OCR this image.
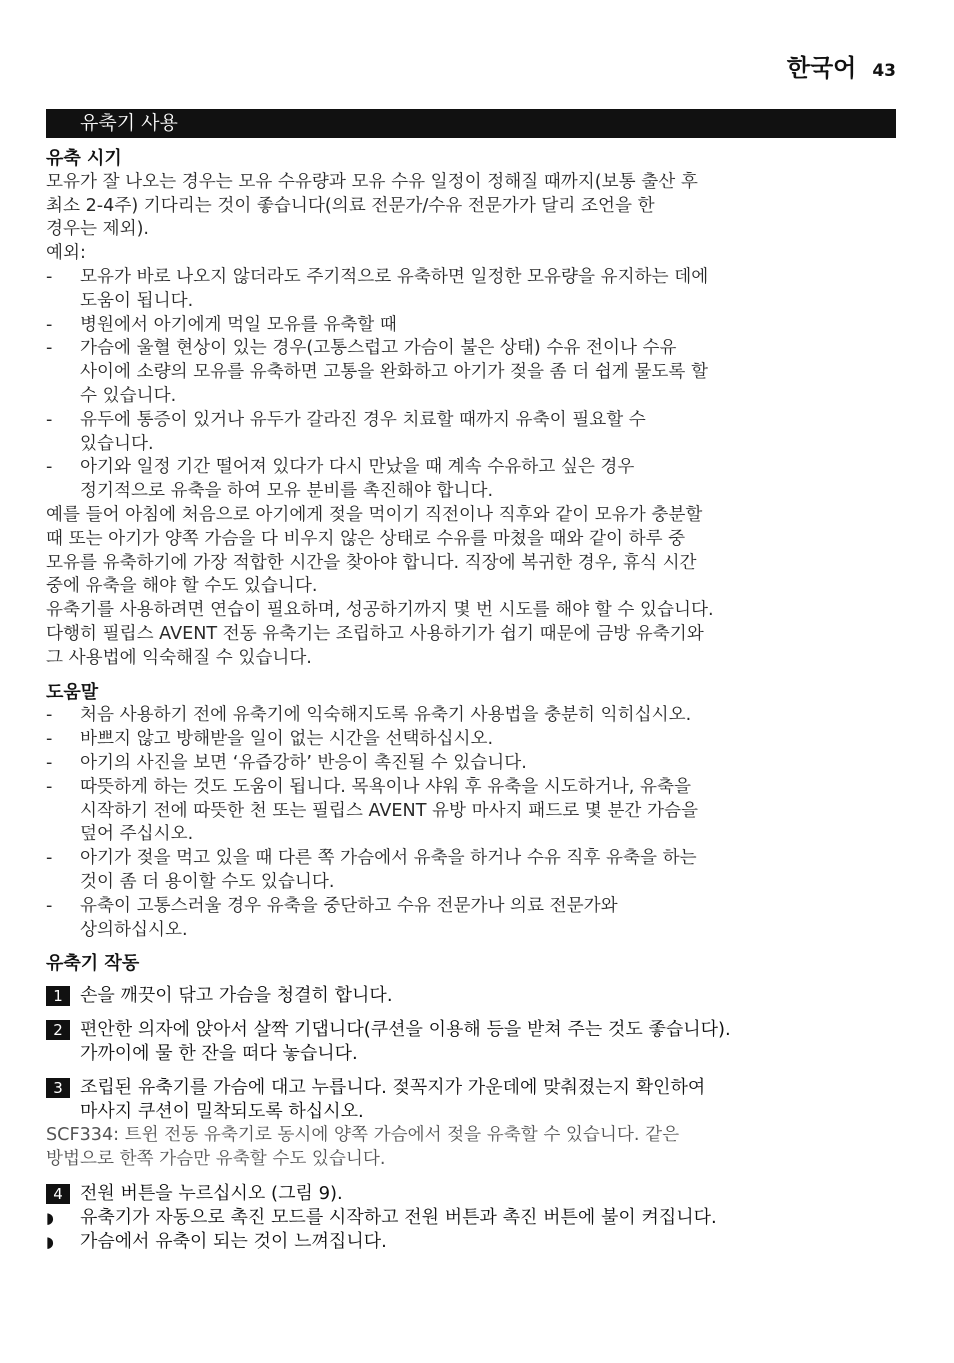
한국어 43
유축기 사용

유축 시기

모유가 잘 나오는 경우는 모유 수유량과 모유 수유 일정이 정해질 때까지(보통 출산 후

최소 2-4주) 기다리는 것이 좋습니다(의료 전문가/수유 전문가가 달리 조언을 한

경우는 제외).

예외:

- 모유가 바로 나오지 않더라도 주기적으로 유축하면 일정한 모유량을 유지하는 데에

도움이 됩니다.

- 병원에서 아기에게 먹일 모유를 유축할 때

- 가슴에 울혈 현상이 있는 경우(고통스럽고 가슴이 불은 상태) 수유 전이나 수유

사이에 소량의 모유를 유축하면 고통을 완화하고 아기가 젖을 좀 더 쉽게 물도록 할

수 있습니다.

- 유두에 통증이 있거나 유두가 갈라진 경우 치료할 때까지 유축이 필요할 수

있습니다.

- 아기와 일정 기간 떨어져 있다가 다시 만났을 때 계속 수유하고 싶은 경우

정기적으로 유축을 하여 모유 분비를 촉진해야 합니다.

예를 들어 아침에 처음으로 아기에게 젖을 먹이기 직전이나 직후와 같이 모유가 충분할

때 또는 아기가 양쪽 가슴을 다 비우지 않은 상태로 수유를 마쳤을 때와 같이 하루 중

모유를 유축하기에 가장 적합한 시간을 찾아야 합니다. 직장에 복귀한 경우, 휴식 시간

중에 유축을 해야 할 수도 있습니다.

유축기를 사용하려면 연습이 필요하며, 성공하기까지 몇 번 시도를 해야 할 수 있습니다.

다행히 필립스 AVENT 전동 유축기는 조립하고 사용하기가 쉽기 때문에 금방 유축기와

그 사용법에 익숙해질 수 있습니다.

도움말

- 처음 사용하기 전에 유축기에 익숙해지도록 유축기 사용법을 충분히 익히십시오.

- 바쁘지 않고 방해받을 일이 없는 시간을 선택하십시오.

- 아기의 사진을 보면 ‘유즙강하’ 반응이 촉진될 수 있습니다.

- 따뜻하게 하는 것도 도움이 됩니다. 목욕이나 샤워 후 유축을 시도하거나, 유축을

시작하기 전에 따뜻한 천 또는 필립스 AVENT 유방 마사지 패드로 몇 분간 가슴을

덮어 주십시오.

- 아기가 젖을 먹고 있을 때 다른 쪽 가슴에서 유축을 하거나 수유 직후 유축을 하는

것이 좀 더 용이할 수도 있습니다.

- 유축이 고통스러울 경우 유축을 중단하고 수유 전문가나 의료 전문가와

상의하십시오.

유축기 작동

1 손을 깨끗이 닦고 가슴을 청결히 합니다.

2 편안한 의자에 앉아서 살짝 기댑니다(쿠션을 이용해 등을 받쳐 주는 것도 좋습니다).

가까이에 물 한 잔을 떠다 놓습니다.

3 조립된 유축기를 가슴에 대고 누릅니다. 젖꼭지가 가운데에 맞춰졌는지 확인하여

마사지 쿠션이 밀착되도록 하십시오.

SCF334: 트윈 전동 유축기로 동시에 양쪽 가슴에서 젖을 유축할 수 있습니다. 같은

방법으로 한쪽 가슴만 유축할 수도 있습니다.

4 전원 버튼을 누르십시오 (그림 9).

◗ 유축기가 자동으로 촉진 모드를 시작하고 전원 버튼과 촉진 버튼에 불이 켜집니다.
◗ 가슴에서 유축이 되는 것이 느껴집니다.
